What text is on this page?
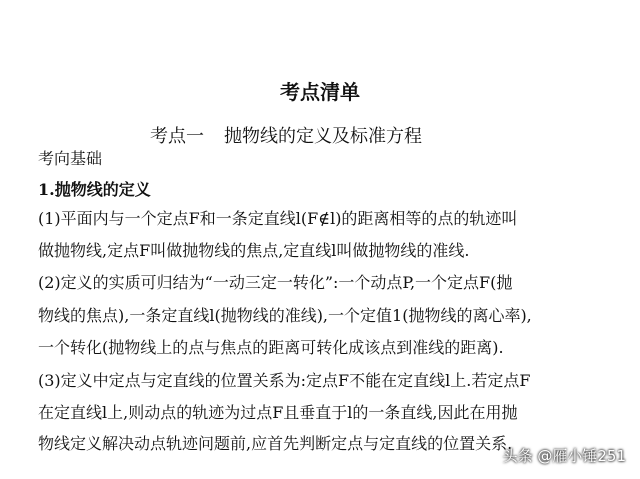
考点清单
考点一 抛物线的定义及标准方程
考向基础
1.抛物线的定义
(1)平面内与一个定点F和一条定直线l(F∉l)的距离相等的点的轨迹叫
做抛物线,定点F叫做抛物线的焦点,定直线l叫做抛物线的准线.
(2)定义的实质可归结为“一动三定一转化”:一个动点P,一个定点F(抛
物线的焦点),一条定直线l(抛物线的准线),一个定值1(抛物线的离心率),
一个转化(抛物线上的点与焦点的距离可转化成该点到准线的距离).
(3)定义中定点与定直线的位置关系为:定点F不能在定直线l上.若定点F
在定直线l上,则动点的轨迹为过点F且垂直于l的一条直线,因此在用抛
物线定义解决动点轨迹问题前,应首先判断定点与定直线的位置关系.
头条 @雁小锤251
